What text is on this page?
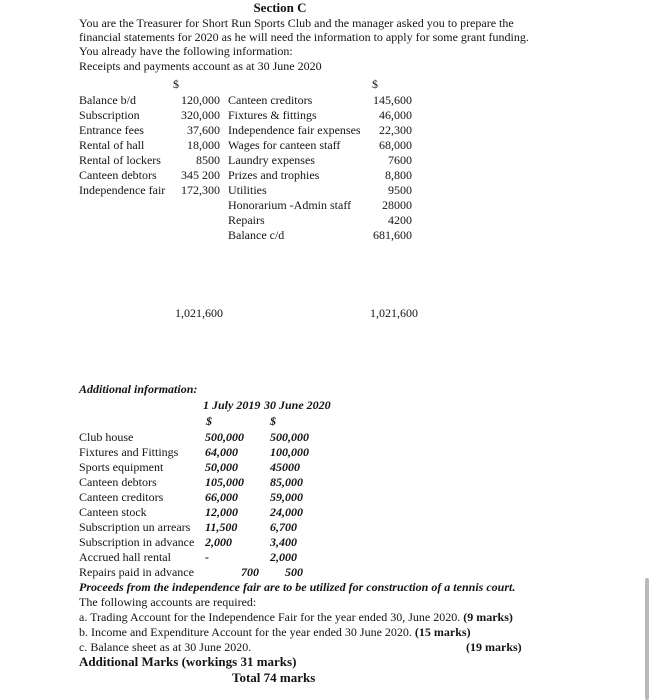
Section C
You are the Treasurer for Short Run Sports Club and the manager asked you to prepare the
financial statements for 2020 as he will need the information to apply for some grant funding.
You already have the following information:
Receipts and payments account as at 30 June 2020
$	$
Balance b/d	120,000 Canteen creditors	145,600
Subscription	320,000 Fixtures & fittings	46,000
Entrance fees	37,600 Independence fair expenses	22,300
Rental of hall	18,000 Wages for canteen staff	68,000
Rental of lockers	8500 Laundry expenses	7600
Canteen debtors	345 200 Prizes and trophies	8,800
Independence fair	172,300 Utilities	9500
Honorarium -Admin staff	28000
Repairs	4200
Balance c/d	681,600
1,021,600	1,021,600
Additional information:
1 July 2019 30 June 2020
$	$
Club house	500,000 500,000
Fixtures and Fittings 64,000	100,000
Sports equipment	50,000	45000
Canteen debtors	105,000 85,000
Canteen creditors	66,000	59,000
Canteen stock	12,000	24,000
Subscription un arrears 11,500	6,700
Subscription in advance 2,000	3,400
Accrued hall rental	-	2,000
Repairs paid in advance	700 500
Proceeds from the independence fair are to be utilized for construction of a tennis court.
The following accounts are required:
a. Trading Account for the Independence Fair for the year ended 30, June 2020. (9 marks)
b. Income and Expenditure Account for the year ended 30 June 2020. (15 marks)
c. Balance sheet as at 30 June 2020.	(19 marks)
Additional Marks (workings 31 marks)
Total 74 marks
